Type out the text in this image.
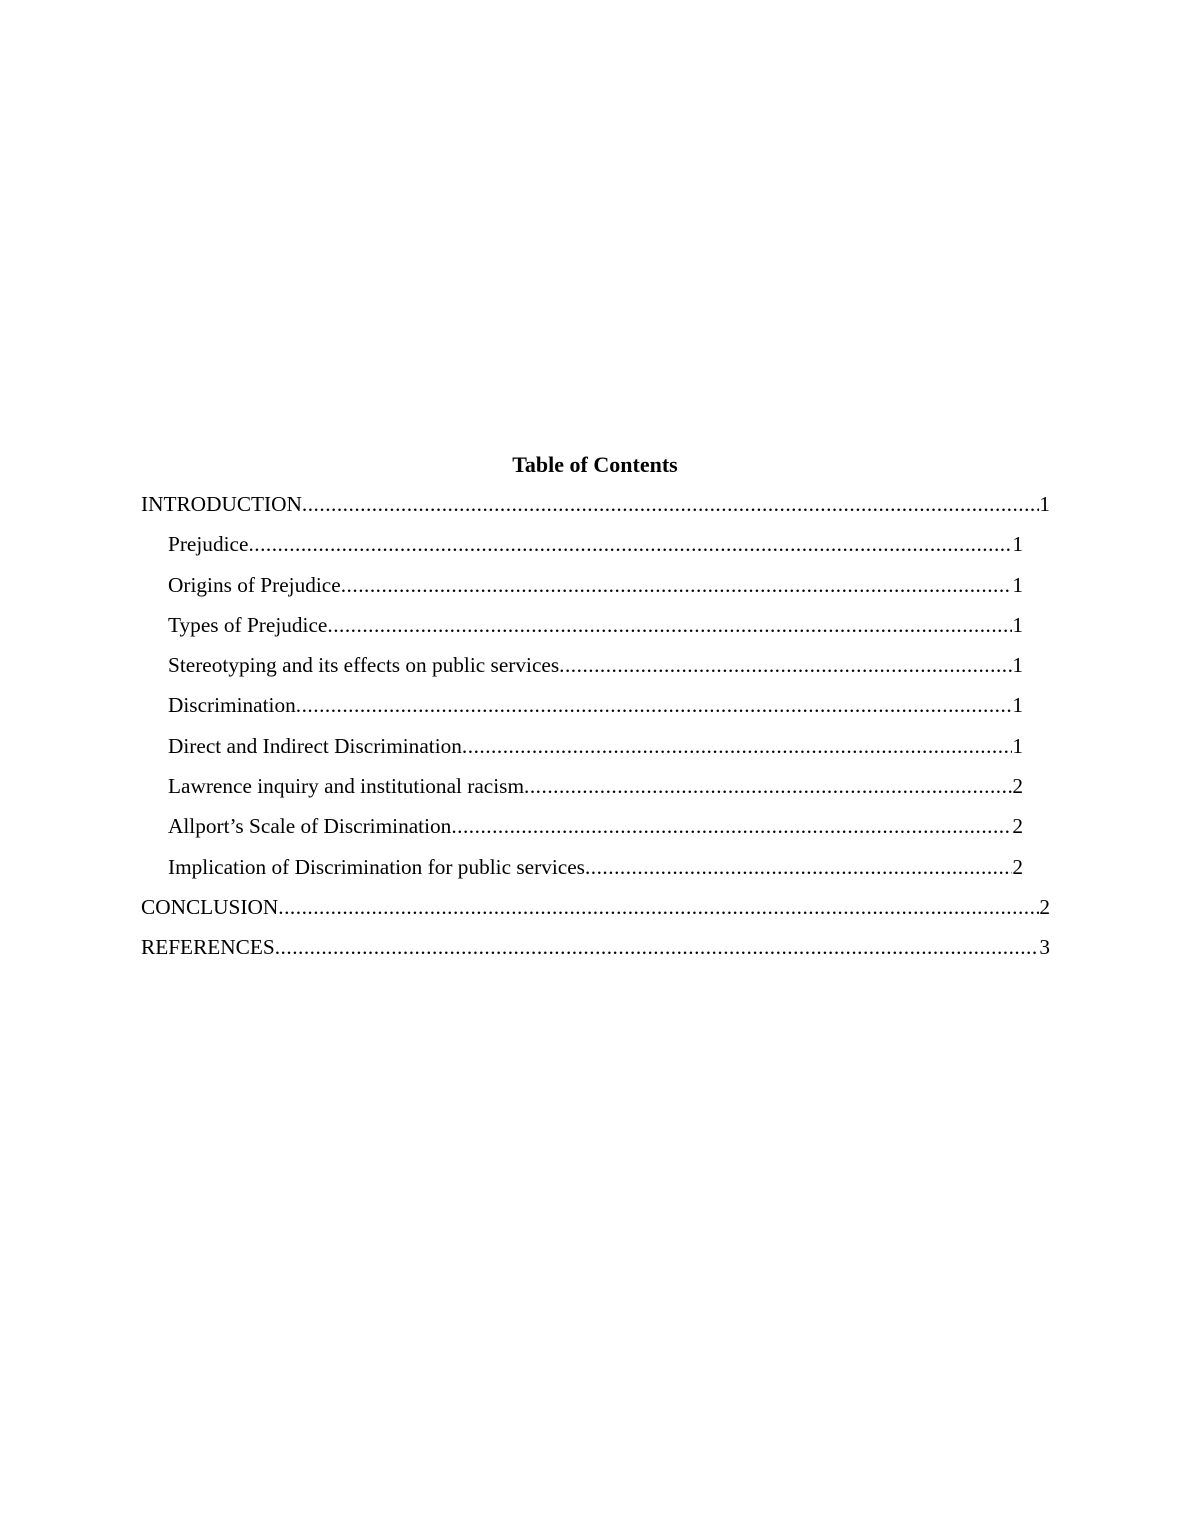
Table of Contents
INTRODUCTION .....	1
Prejudice .....	1
Origins of Prejudice .....	1
Types of Prejudice .....	1
Stereotyping and its effects on public services .....	1
Discrimination .....	1
Direct and Indirect Discrimination .....	1
Lawrence inquiry and institutional racism .....	2
Allport’s Scale of Discrimination .....	2
Implication of Discrimination for public services .....	2
CONCLUSION .....	2
REFERENCES .....	3
